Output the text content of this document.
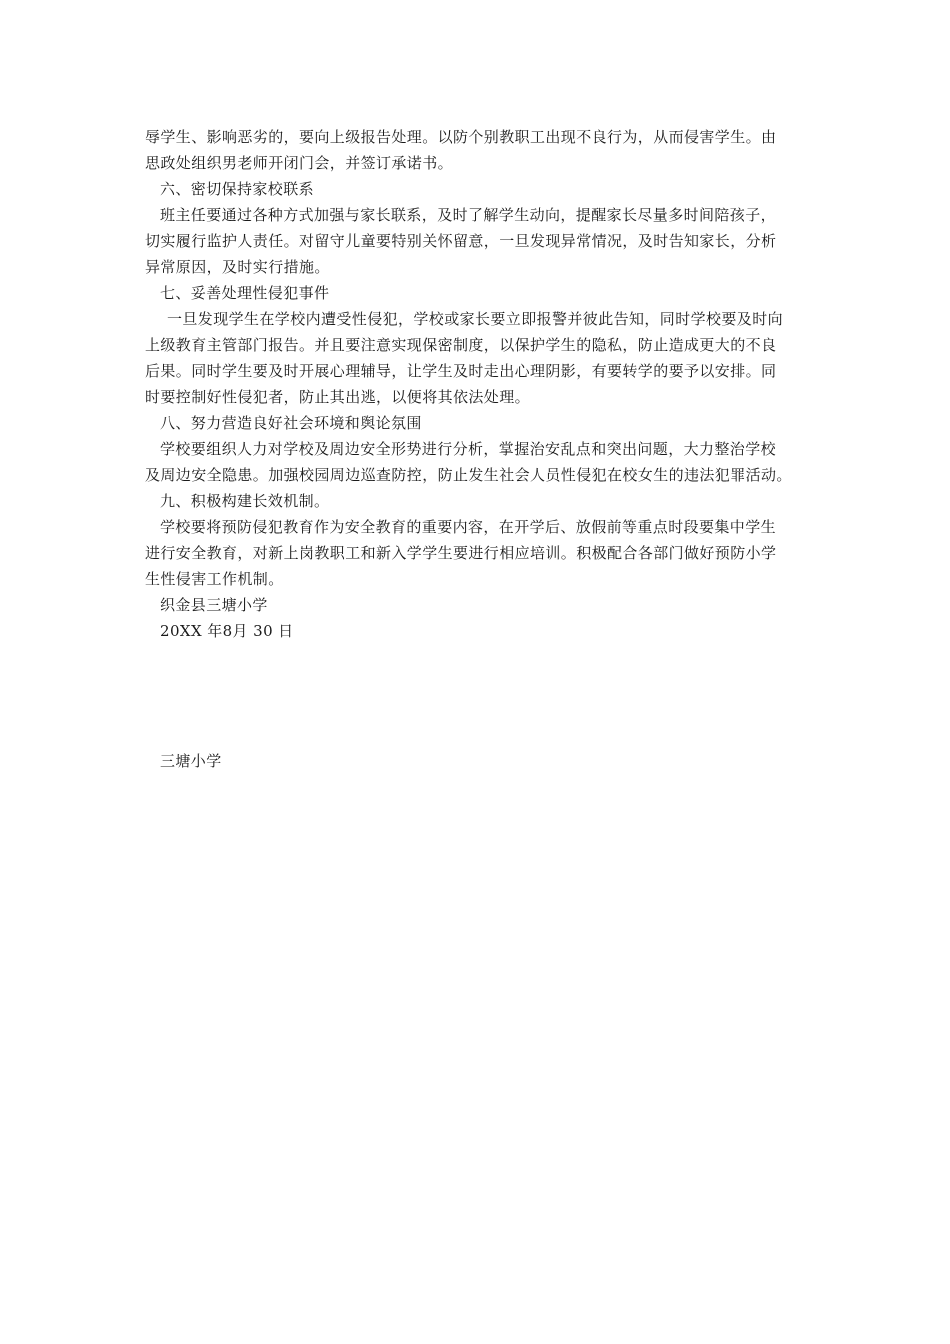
辱学生、影响恶劣的，要向上级报告处理。以防个别教职工出现不良行为，从而侵害学生。由
思政处组织男老师开闭门会，并签订承诺书。
六、密切保持家校联系
班主任要通过各种方式加强与家长联系，及时了解学生动向，提醒家长尽量多时间陪孩子，
切实履行监护人责任。对留守儿童要特别关怀留意，一旦发现异常情况，及时告知家长，分析
异常原因，及时实行措施。
七、妥善处理性侵犯事件
一旦发现学生在学校内遭受性侵犯，学校或家长要立即报警并彼此告知，同时学校要及时向
上级教育主管部门报告。并且要注意实现保密制度，以保护学生的隐私，防止造成更大的不良
后果。同时学生要及时开展心理辅导，让学生及时走出心理阴影，有要转学的要予以安排。同
时要控制好性侵犯者，防止其出逃，以便将其依法处理。
八、努力营造良好社会环境和舆论氛围
学校要组织人力对学校及周边安全形势进行分析，掌握治安乱点和突出问题，大力整治学校
及周边安全隐患。加强校园周边巡查防控，防止发生社会人员性侵犯在校女生的违法犯罪活动。
九、积极构建长效机制。
学校要将预防侵犯教育作为安全教育的重要内容，在开学后、放假前等重点时段要集中学生
进行安全教育，对新上岗教职工和新入学学生要进行相应培训。积极配合各部门做好预防小学
生性侵害工作机制。
织金县三塘小学
20XX 年8月 30 日
三塘小学
